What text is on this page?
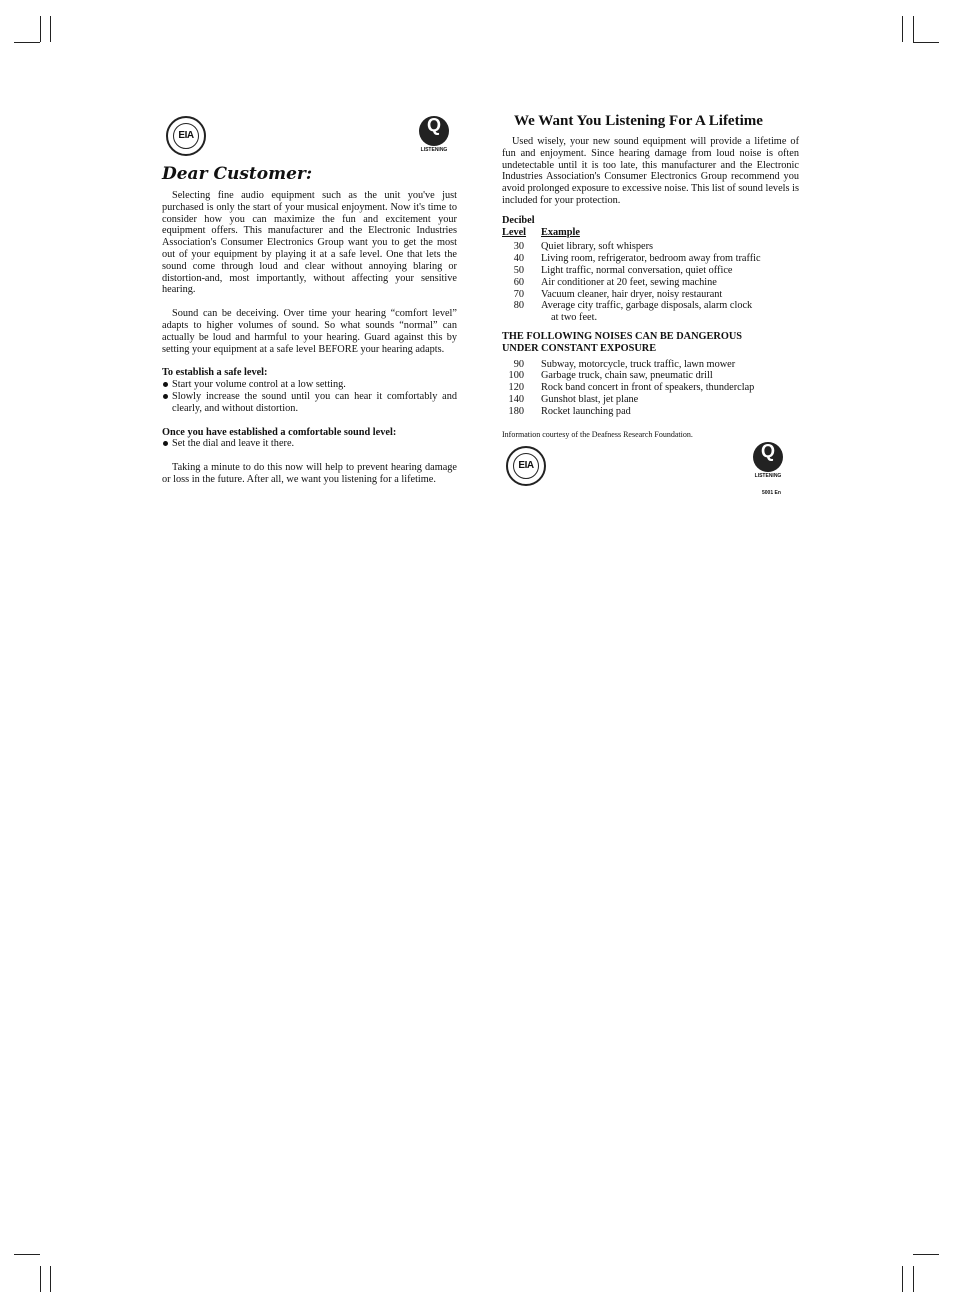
EIA
Q
LISTENING
Dear Customer:

Selecting fine audio equipment such as the unit you've just purchased is only the start of your musical enjoyment. Now it's time to consider how you can maximize the fun and excitement your equipment offers. This manufacturer and the Electronic Industries Association's Consumer Electronics Group want you to get the most out of your equipment by playing it at a safe level. One that lets the sound come through loud and clear without annoying blaring or distortion-and, most importantly, without affecting your sensitive hearing.

Sound can be deceiving. Over time your hearing “comfort level” adapts to higher volumes of sound. So what sounds “normal” can actually be loud and harmful to your hearing. Guard against this by setting your equipment at a safe level BEFORE your hearing adapts.

To establish a safe level:
Start your volume control at a low setting.
Slowly increase the sound until you can hear it comfortably and clearly, and without distortion.
Once you have established a comfortable sound level:
Set the dial and leave it there.

Taking a minute to do this now will help to prevent hearing damage or loss in the future. After all, we want you listening for a lifetime.

We Want You Listening For A Lifetime

Used wisely, your new sound equipment will provide a lifetime of fun and enjoyment. Since hearing damage from loud noise is often undetectable until it is too late, this manufacturer and the Electronic Industries Association's Consumer Electronics Group recommend you avoid prolonged exposure to excessive noise. This list of sound levels is included for your protection.

Decibel
Level	Example

30	Quiet library, soft whispers
40	Living room, refrigerator, bedroom away from traffic
50	Light traffic, normal conversation, quiet office
60	Air conditioner at 20 feet, sewing machine
70	Vacuum cleaner, hair dryer, noisy restaurant
80	Average city traffic, garbage disposals, alarm clock
	at two feet.
THE FOLLOWING NOISES CAN BE DANGEROUS
UNDER CONSTANT EXPOSURE
90	Subway, motorcycle, truck traffic, lawn mower
100	Garbage truck, chain saw, pneumatic drill
120	Rock band concert in front of speakers, thunderclap
140	Gunshot blast, jet plane
180	Rocket launching pad
Information courtesy of the Deafness Research Foundation.
EIA
Q
LISTENING
5001 En
